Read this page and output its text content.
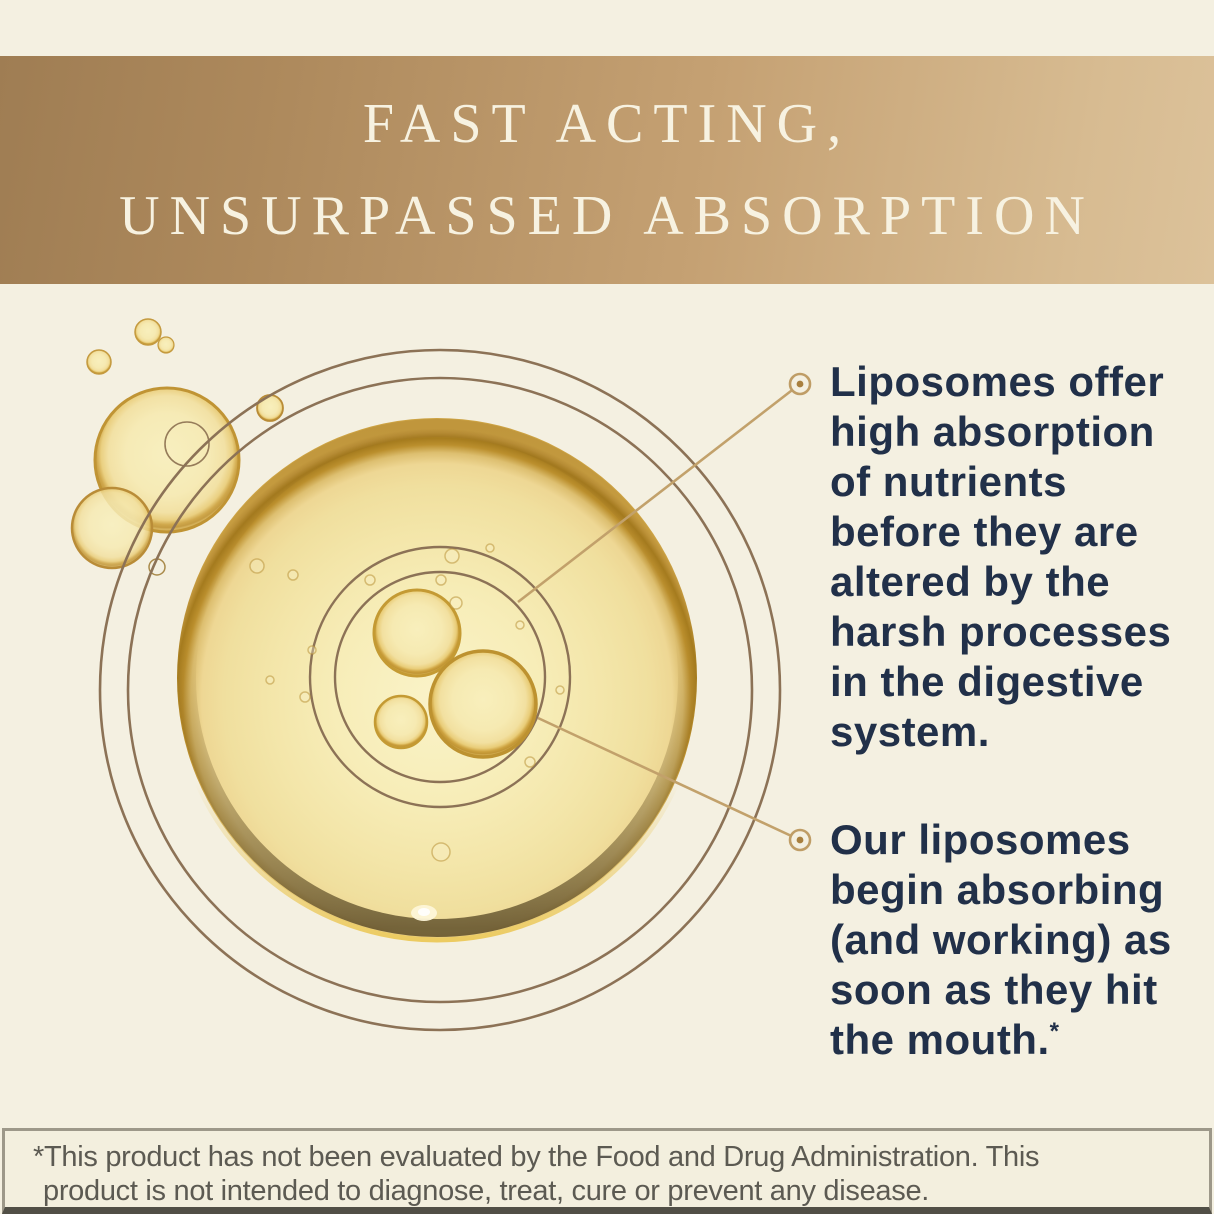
FAST ACTING,
UNSURPASSED ABSORPTION
Liposomes offer
high absorption
of nutrients
before they are
altered by the
harsh processes
in the digestive
system.
Our liposomes
begin absorbing
(and working) as
soon as they hit
the mouth.*
*This product has not been evaluated by the Food and Drug Administration. This
product is not intended to diagnose, treat, cure or prevent any disease.
